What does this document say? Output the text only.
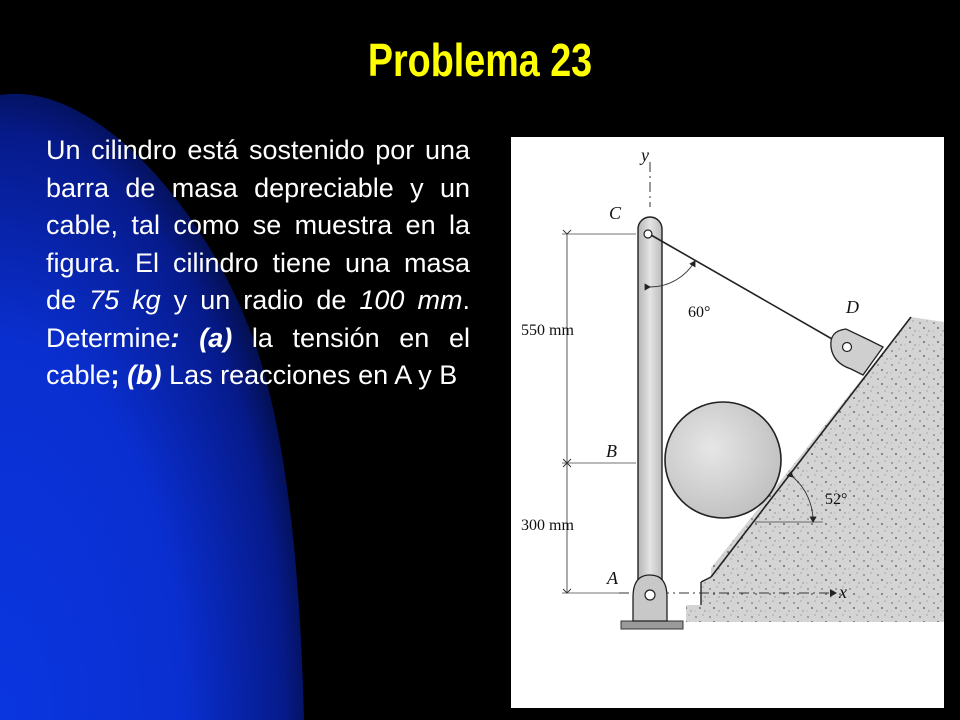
Problema 23
Un cilindro está sostenido por una barra de masa depreciable y un cable, tal como se muestra en la figura. El cilindro tiene una masa de 75 kg y un radio de 100 mm. Determine: (a) la tensión en el cable; (b) Las reacciones en A y B
y
C
D
B
A
x
550 mm
300 mm
60°
52°
